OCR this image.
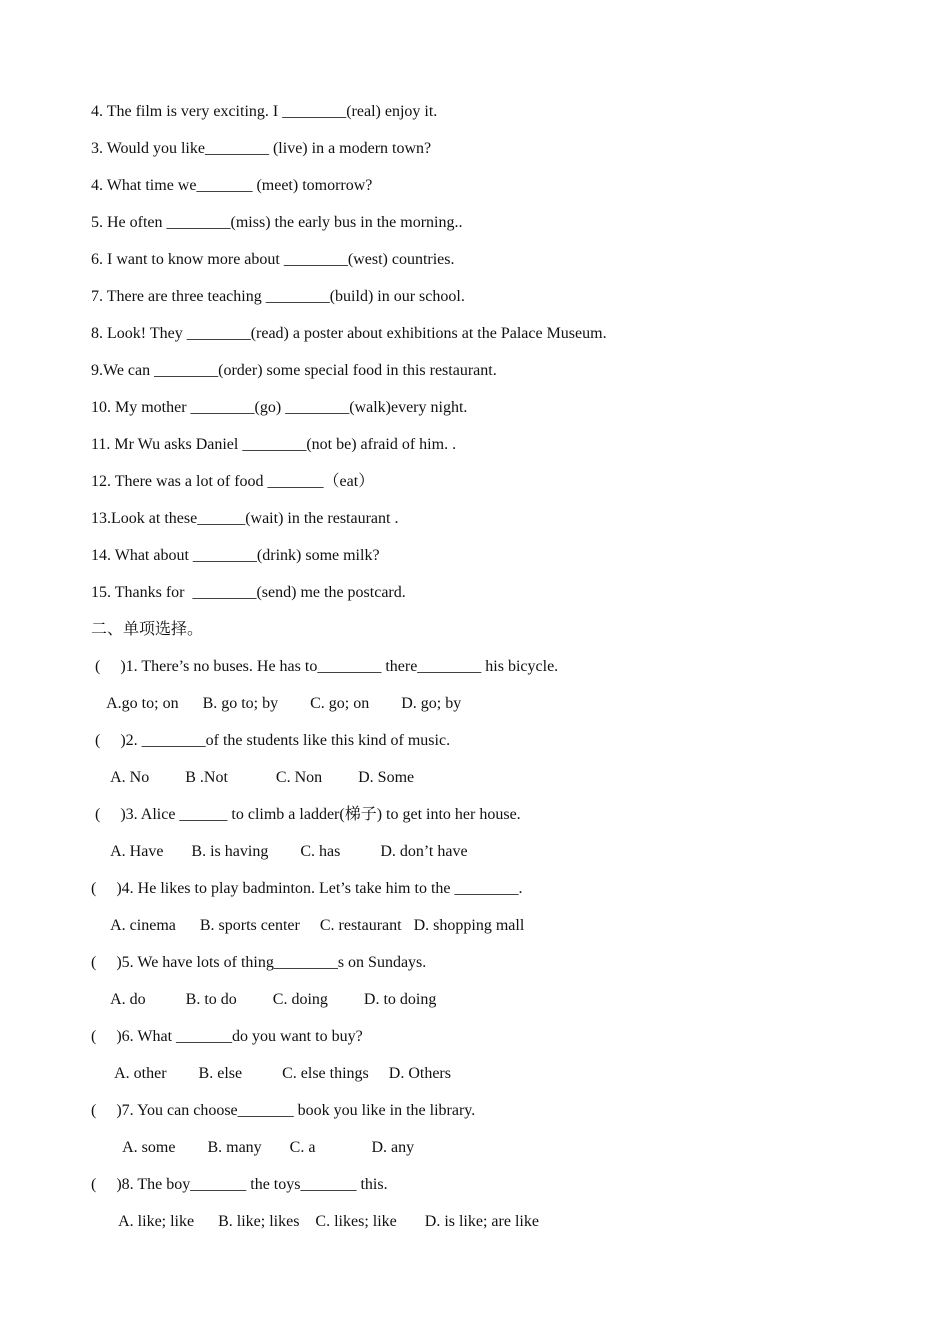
4. The film is very exciting. I ________(real) enjoy it.
3. Would you like________ (live) in a modern town?
4. What time we_______ (meet) tomorrow?
5. He often ________(miss) the early bus in the morning..
6. I want to know more about ________(west) countries.
7. There are three teaching ________(build) in our school.
8. Look! They ________(read) a poster about exhibitions at the Palace Museum.
9.We can ________(order) some special food in this restaurant.
10. My mother ________(go) ________(walk)every night.
11. Mr Wu asks Daniel ________(not be) afraid of him. .
12. There was a lot of food _______（eat）
13.Look at these______(wait) in the restaurant .
14. What about ________(drink) some milk?
15. Thanks for  ________(send) me the postcard.
二、单项选择。
(     )1. There’s no buses. He has to________ there________ his bicycle.
A.go to; on      B. go to; by        C. go; on        D. go; by
(     )2. ________of the students like this kind of music.
A. No         B .Not            C. Non         D. Some
(     )3. Alice ______ to climb a ladder(梯子) to get into her house.
A. Have       B. is having        C. has          D. don’t have
(     )4. He likes to play badminton. Let’s take him to the ________.
A. cinema      B. sports center     C. restaurant   D. shopping mall
(     )5. We have lots of thing________s on Sundays.
A. do          B. to do         C. doing         D. to doing
(     )6. What _______do you want to buy?
A. other        B. else          C. else things     D. Others
(     )7. You can choose_______ book you like in the library.
A. some        B. many       C. a              D. any
(     )8. The boy_______ the toys_______ this.
A. like; like      B. like; likes    C. likes; like       D. is like; are like
